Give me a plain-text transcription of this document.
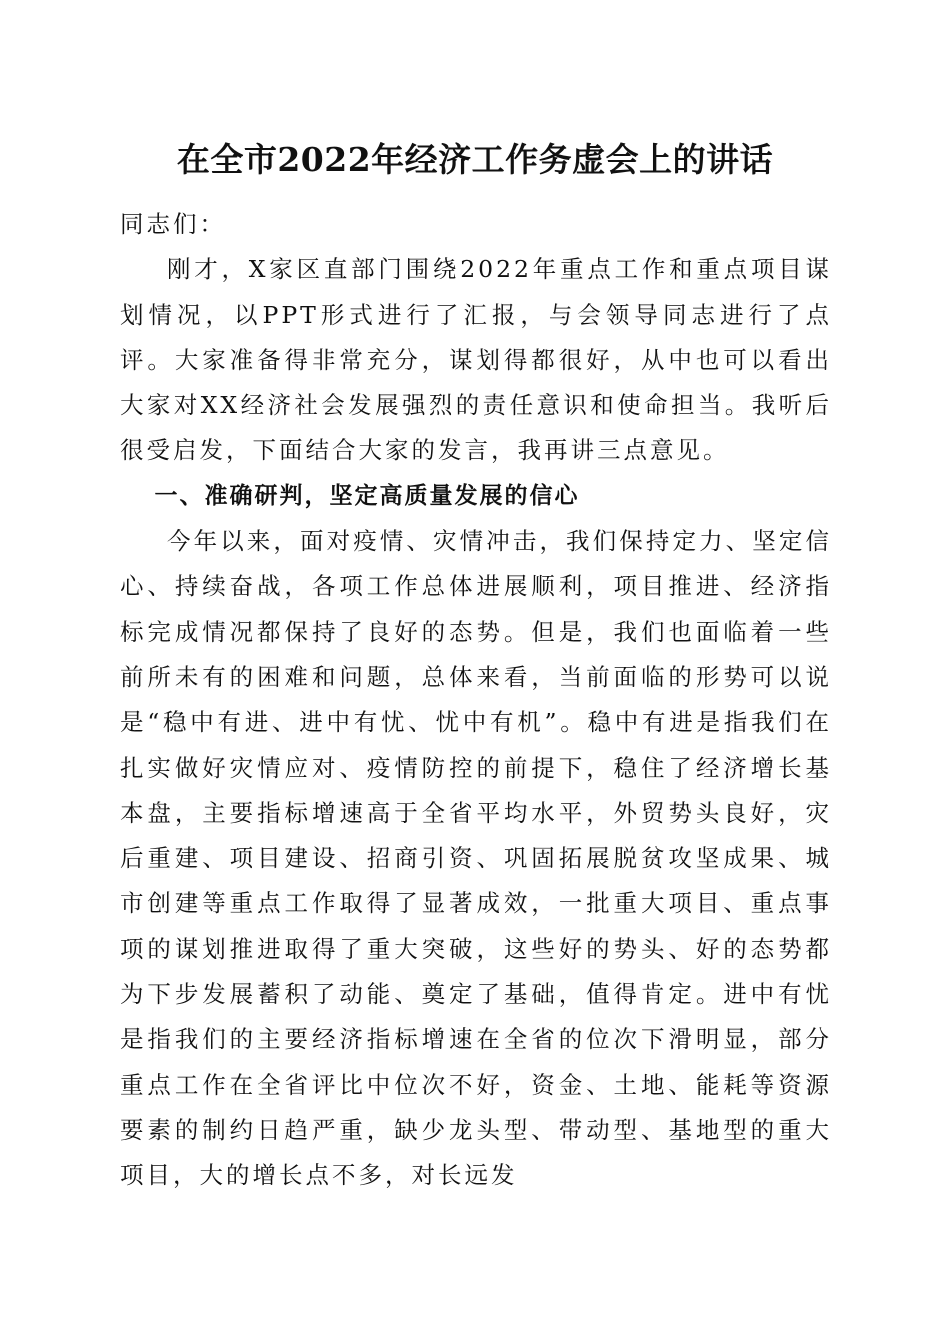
在全市2022年经济工作务虚会上的讲话

同志们：

刚才，X家区直部门围绕2022年重点工作和重点项目谋划情况，以PPT形式进行了汇报，与会领导同志进行了点评。大家准备得非常充分，谋划得都很好，从中也可以看出大家对XX经济社会发展强烈的责任意识和使命担当。我听后很受启发，下面结合大家的发言，我再讲三点意见。

一、准确研判，坚定高质量发展的信心

今年以来，面对疫情、灾情冲击，我们保持定力、坚定信心、持续奋战，各项工作总体进展顺利，项目推进、经济指标完成情况都保持了良好的态势。但是，我们也面临着一些前所未有的困难和问题，总体来看，当前面临的形势可以说是“稳中有进、进中有忧、忧中有机”。稳中有进是指我们在扎实做好灾情应对、疫情防控的前提下，稳住了经济增长基本盘，主要指标增速高于全省平均水平，外贸势头良好，灾后重建、项目建设、招商引资、巩固拓展脱贫攻坚成果、城市创建等重点工作取得了显著成效，一批重大项目、重点事项的谋划推进取得了重大突破，这些好的势头、好的态势都为下步发展蓄积了动能、奠定了基础，值得肯定。进中有忧是指我们的主要经济指标增速在全省的位次下滑明显，部分重点工作在全省评比中位次不好，资金、土地、能耗等资源要素的制约日趋严重，缺少龙头型、带动型、基地型的重大项目，大的增长点不多，对长远发
